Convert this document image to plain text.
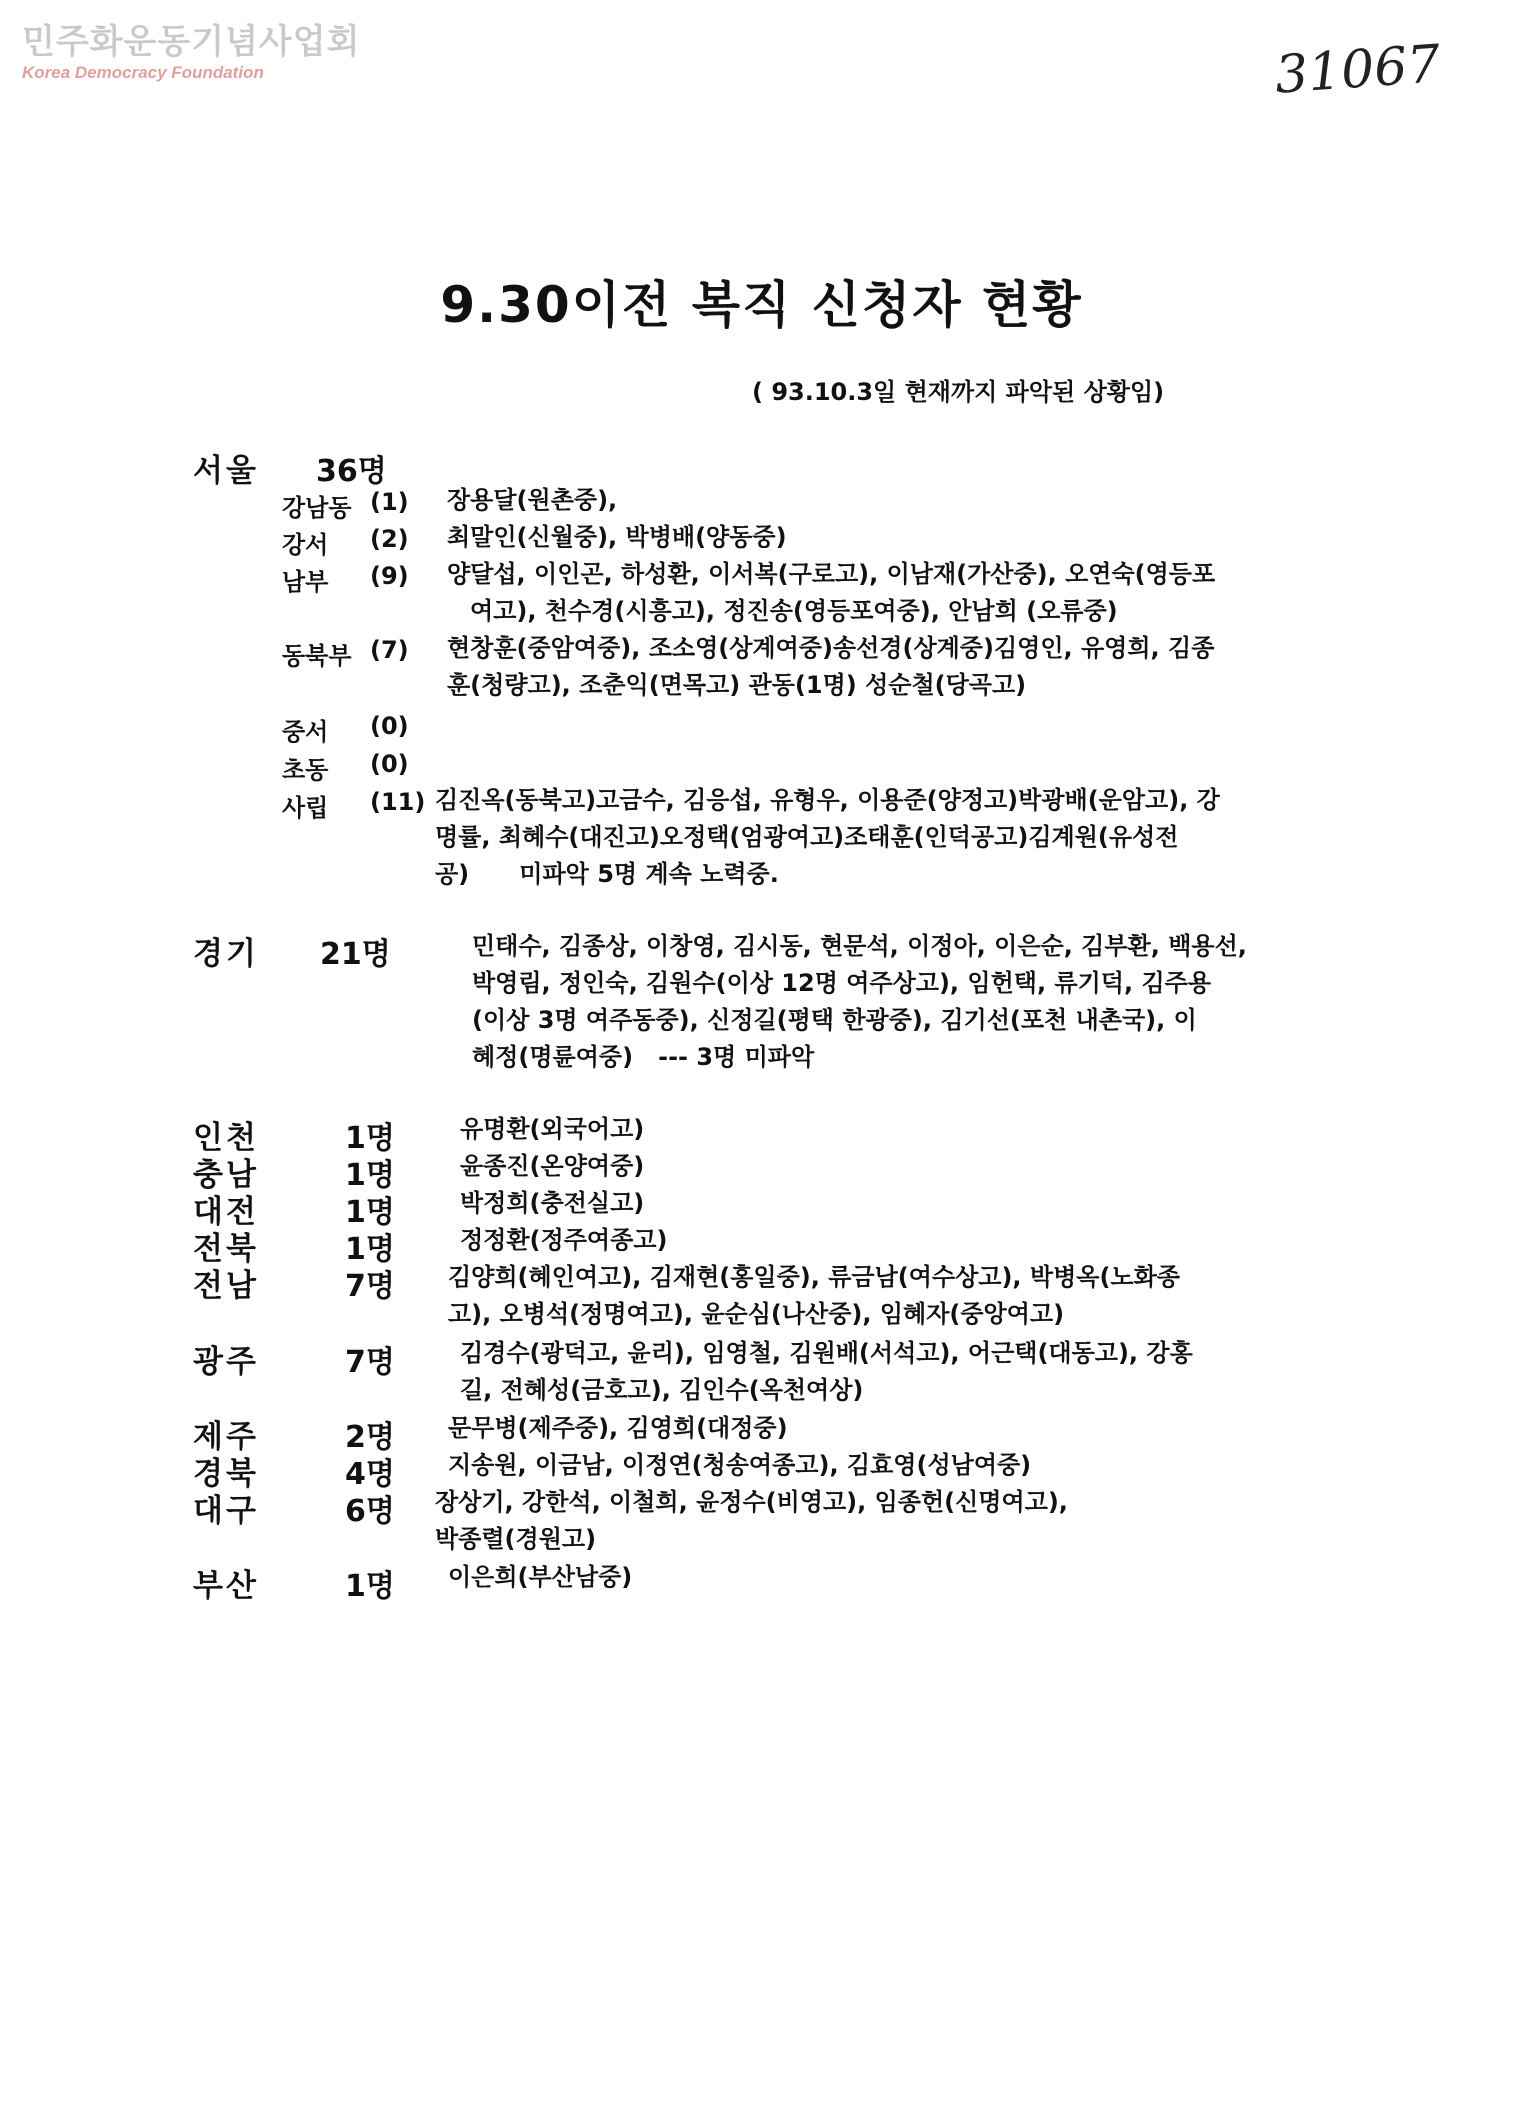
민주화운동기념사업회
Korea Democracy Foundation	31067
9.30이전 복직 신청자 현황
( 93.10.3일 현재까지 파악된 상황임)
서울 36명
강남동 (1) 장용달(원촌중),
강서 (2) 최말인(신월중), 박병배(양동중)
남부 (9) 양달섭, 이인곤, 하성환, 이서복(구로고), 이남재(가산중), 오연숙(영등포
여고), 천수경(시흥고), 정진송(영등포여중), 안남희 (오류중)
동북부 (7) 현창훈(중암여중), 조소영(상계여중)송선경(상계중)김영인, 유영희, 김종
훈(청량고), 조춘익(면목고) 관동(1명) 성순철(당곡고)
중서 (0)
초동 (0)
사립 (11) 김진옥(동북고)고금수, 김응섭, 유형우, 이용준(양정고)박광배(운암고), 강
명률, 최혜수(대진고)오정택(엄광여고)조태훈(인덕공고)김계원(유성전
공)      미파악 5명 계속 노력중.
경기 21명	민태수, 김종상, 이창영, 김시동, 현문석, 이정아, 이은순, 김부환, 백용선,
박영림, 정인숙, 김원수(이상 12명 여주상고), 임헌택, 류기덕, 김주용
(이상 3명 여주동중), 신정길(평택 한광중), 김기선(포천 내촌국), 이
혜정(명륜여중)   --- 3명 미파악
인천	1명	유명환(외국어고)
충남	1명	윤종진(온양여중)
대전	1명	박정희(충전실고)
전북	1명	정정환(정주여종고)
전남	7명 김양희(혜인여고), 김재현(홍일중), 류금남(여수상고), 박병옥(노화종
고), 오병석(정명여고), 윤순심(나산중), 임혜자(중앙여고)
광주	7명	김경수(광덕고, 윤리), 임영철, 김원배(서석고), 어근택(대동고), 강홍
길, 전혜성(금호고), 김인수(옥천여상)
제주	2명 문무병(제주중), 김영희(대정중)
경북	4명 지송원, 이금남, 이정연(청송여종고), 김효영(성남여중)
대구	6명 장상기, 강한석, 이철희, 윤정수(비영고), 임종헌(신명여고),
박종렬(경원고)
부산	1명 이은희(부산남중)
